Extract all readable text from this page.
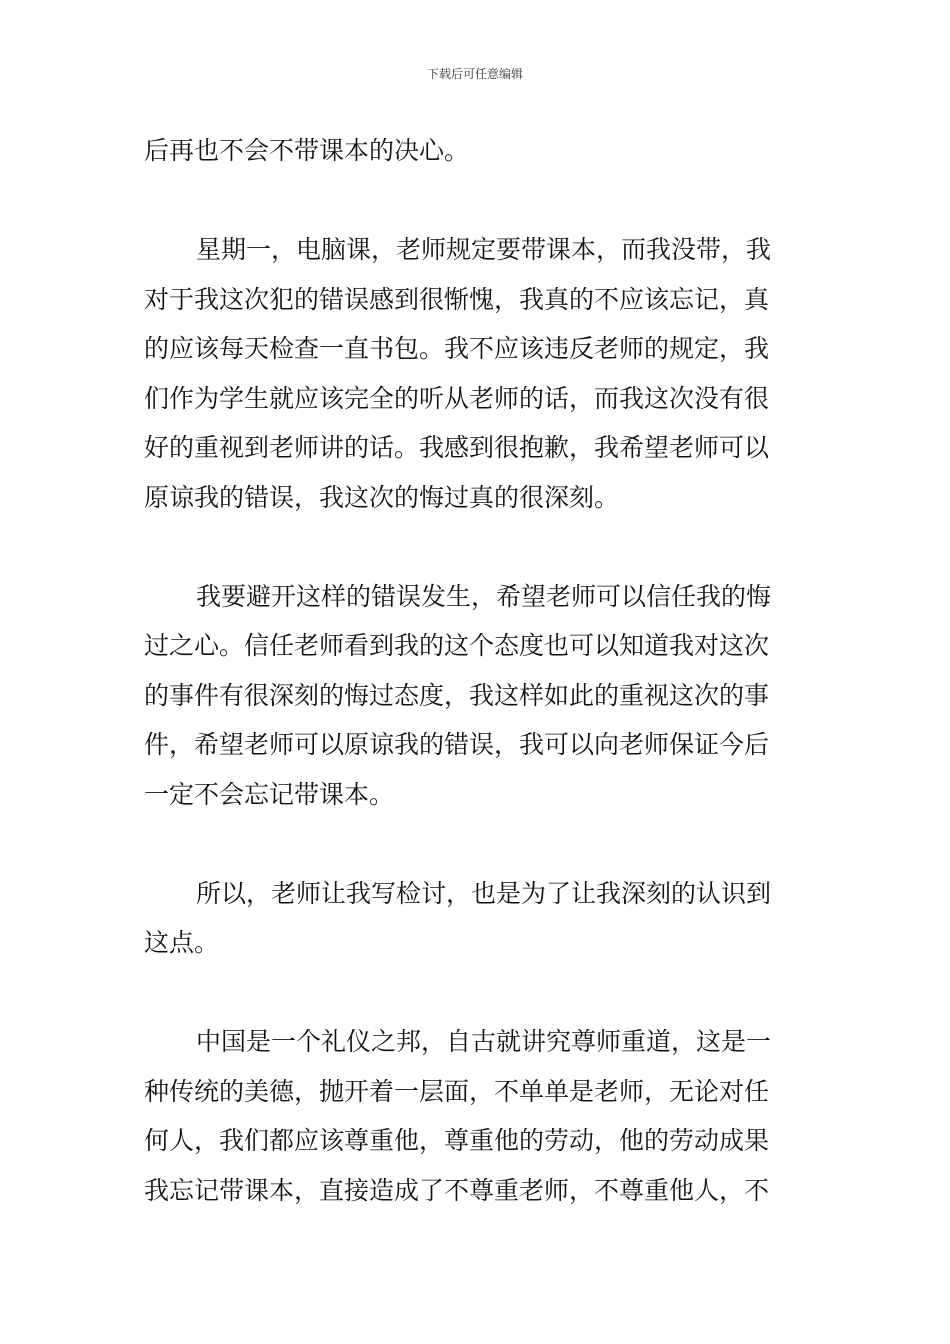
下载后可任意编辑
后再也不会不带课本的决心。
星期一，电脑课，老师规定要带课本，而我没带，我
对于我这次犯的错误感到很惭愧，我真的不应该忘记，真
的应该每天检查一直书包。我不应该违反老师的规定，我
们作为学生就应该完全的听从老师的话，而我这次没有很
好的重视到老师讲的话。我感到很抱歉，我希望老师可以
原谅我的错误，我这次的悔过真的很深刻。
我要避开这样的错误发生，希望老师可以信任我的悔
过之心。信任老师看到我的这个态度也可以知道我对这次
的事件有很深刻的悔过态度，我这样如此的重视这次的事
件，希望老师可以原谅我的错误，我可以向老师保证今后
一定不会忘记带课本。
所以，老师让我写检讨，也是为了让我深刻的认识到
这点。
中国是一个礼仪之邦，自古就讲究尊师重道，这是一
种传统的美德，抛开着一层面，不单单是老师，无论对任
何人，我们都应该尊重他，尊重他的劳动，他的劳动成果
我忘记带课本，直接造成了不尊重老师，不尊重他人，不
